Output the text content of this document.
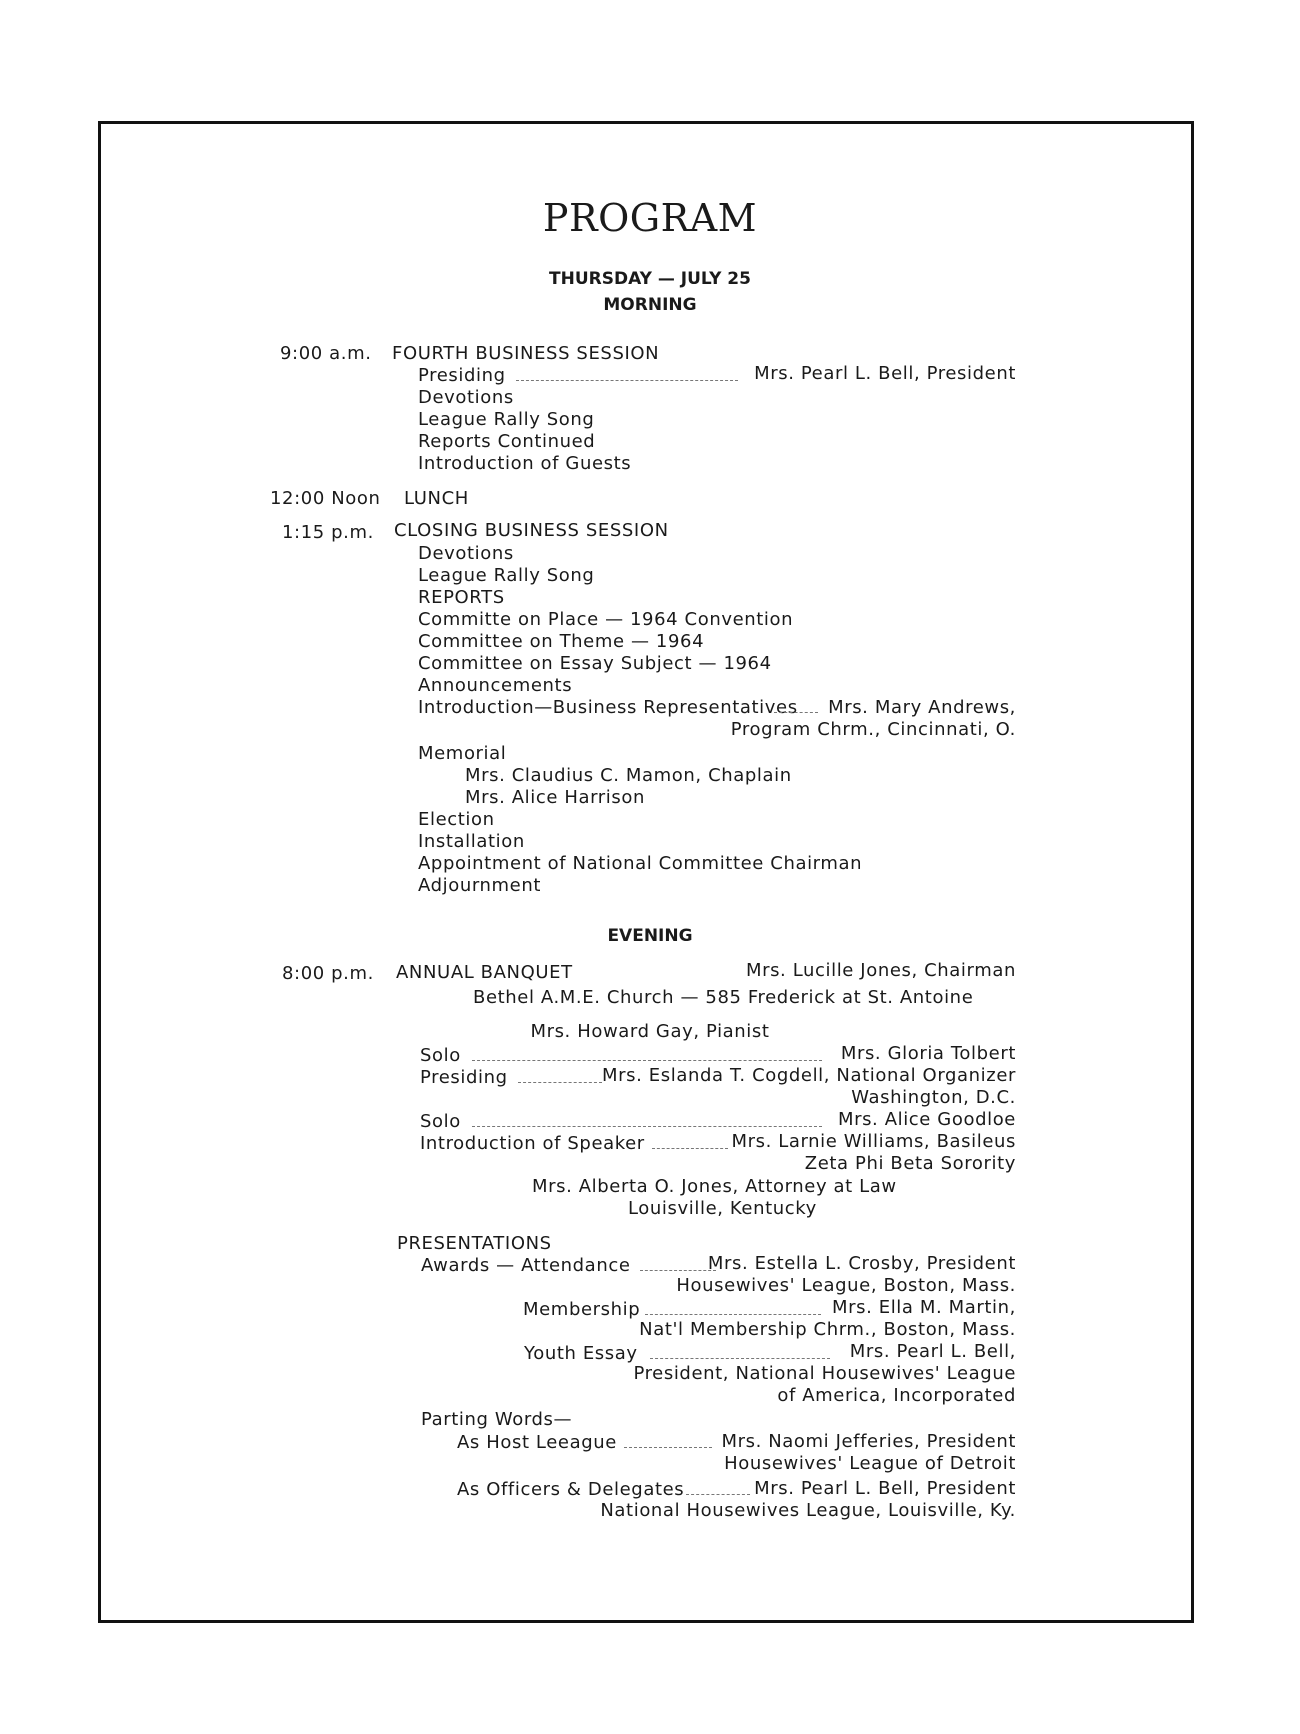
PROGRAM
THURSDAY — JULY 25
MORNING
9:00 a.m. FOURTH BUSINESS SESSION
Presiding	Mrs. Pearl L. Bell, President
Devotions
League Rally Song
Reports Continued
Introduction of Guests
12:00 Noon LUNCH
1:15 p.m. CLOSING BUSINESS SESSION
Devotions
League Rally Song
REPORTS
Committe on Place — 1964 Convention
Committee on Theme — 1964
Committee on Essay Subject — 1964
Announcements
Introduction—Business Representatives Mrs. Mary Andrews,
Program Chrm., Cincinnati, O.
Memorial
Mrs. Claudius C. Mamon, Chaplain
Mrs. Alice Harrison
Election
Installation
Appointment of National Committee Chairman
Adjournment
EVENING
8:00 p.m. ANNUAL BANQUET	Mrs. Lucille Jones, Chairman
Bethel A.M.E. Church — 585 Frederick at St. Antoine
Mrs. Howard Gay, Pianist
Solo	Mrs. Gloria Tolbert
Presiding	Mrs. Eslanda T. Cogdell, National Organizer
Washington, D.C.
Solo	Mrs. Alice Goodloe
Introduction of Speaker	Mrs. Larnie Williams, Basileus
Zeta Phi Beta Sorority
Mrs. Alberta O. Jones, Attorney at Law
Louisville, Kentucky
PRESENTATIONS
Awards — Attendance	Mrs. Estella L. Crosby, President
Housewives' League, Boston, Mass.
Membership	Mrs. Ella M. Martin,
Nat'l Membership Chrm., Boston, Mass.
Youth Essay	Mrs. Pearl L. Bell,
President, National Housewives' League
of America, Incorporated
Parting Words—
As Host Leeague	Mrs. Naomi Jefferies, President
Housewives' League of Detroit
As Officers & Delegates	Mrs. Pearl L. Bell, President
National Housewives League, Louisville, Ky.
